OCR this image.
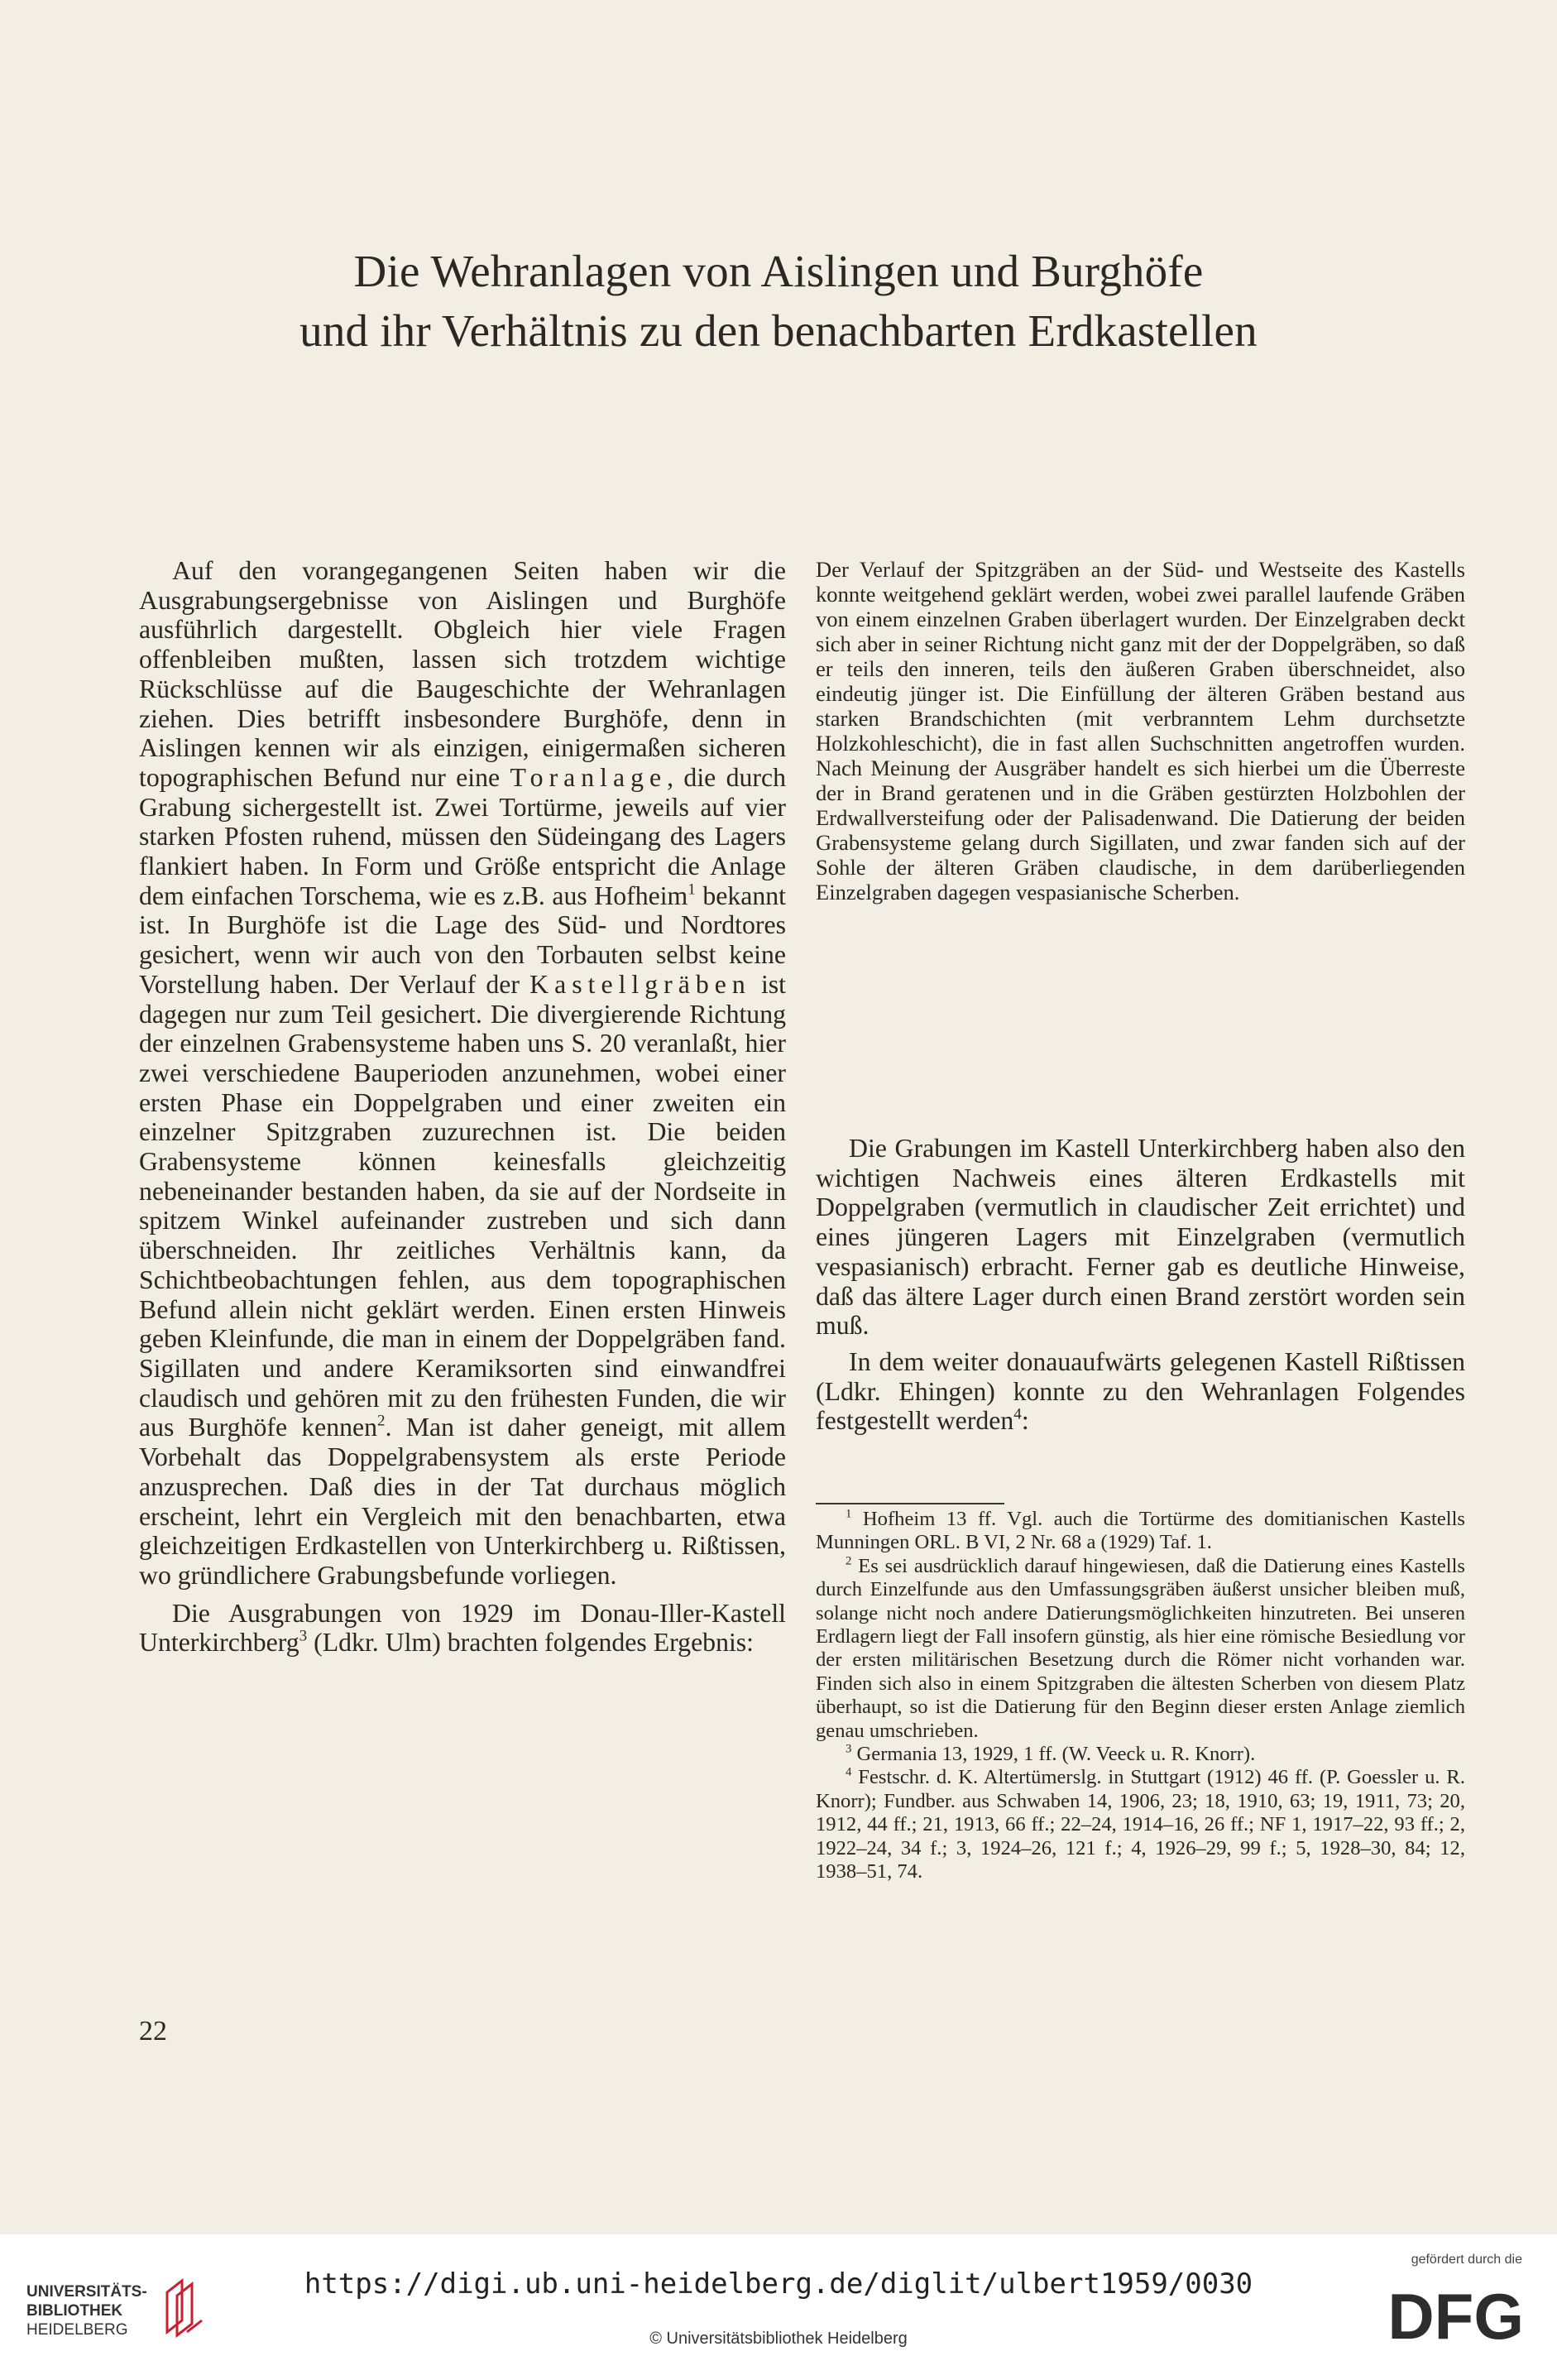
Die Wehranlagen von Aislingen und Burghöfe
und ihr Verhältnis zu den benachbarten Erdkastellen

Auf den vorangegangenen Seiten haben wir die Ausgrabungsergebnisse von Aislingen und Burghöfe ausführlich dargestellt. Obgleich hier viele Fragen offenbleiben mußten, lassen sich trotzdem wichtige Rückschlüsse auf die Baugeschichte der Wehranlagen ziehen. Dies betrifft insbesondere Burghöfe, denn in Aislingen kennen wir als einzigen, einigermaßen sicheren topographischen Befund nur eine Toranlage, die durch Grabung sichergestellt ist. Zwei Tortürme, jeweils auf vier starken Pfosten ruhend, müssen den Südeingang des Lagers flankiert haben. In Form und Größe entspricht die Anlage dem einfachen Torschema, wie es z.B. aus Hofheim$^1$ bekannt ist. In Burghöfe ist die Lage des Süd- und Nordtores gesichert, wenn wir auch von den Torbauten selbst keine Vorstellung haben. Der Verlauf der Kastellgräben ist dagegen nur zum Teil gesichert. Die divergierende Richtung der einzelnen Grabensysteme haben uns S. 20 veranlaßt, hier zwei verschiedene Bauperioden anzunehmen, wobei einer ersten Phase ein Doppelgraben und einer zweiten ein einzelner Spitzgraben zuzurechnen ist. Die beiden Grabensysteme können keinesfalls gleichzeitig nebeneinander bestanden haben, da sie auf der Nordseite in spitzem Winkel aufeinander zustreben und sich dann überschneiden. Ihr zeitliches Verhältnis kann, da Schichtbeobachtungen fehlen, aus dem topographischen Befund allein nicht geklärt werden. Einen ersten Hinweis geben Kleinfunde, die man in einem der Doppelgräben fand. Sigillaten und andere Keramiksorten sind einwandfrei claudisch und gehören mit zu den frühesten Funden, die wir aus Burghöfe kennen$^2$. Man ist daher geneigt, mit allem Vorbehalt das Doppelgrabensystem als erste Periode anzusprechen. Daß dies in der Tat durchaus möglich erscheint, lehrt ein Vergleich mit den benachbarten, etwa gleichzeitigen Erdkastellen von Unterkirchberg u. Rißtissen, wo gründlichere Grabungsbefunde vorliegen.

Die Ausgrabungen von 1929 im Donau-Iller-Kastell Unterkirchberg$^3$ (Ldkr. Ulm) brachten folgendes Ergebnis:

Der Verlauf der Spitzgräben an der Süd- und Westseite des Kastells konnte weitgehend geklärt werden, wobei zwei parallel laufende Gräben von einem einzelnen Graben überlagert wurden. Der Einzelgraben deckt sich aber in seiner Richtung nicht ganz mit der der Doppelgräben, so daß er teils den inneren, teils den äußeren Graben überschneidet, also eindeutig jünger ist. Die Einfüllung der älteren Gräben bestand aus starken Brandschichten (mit verbranntem Lehm durchsetzte Holzkohleschicht), die in fast allen Suchschnitten angetroffen wurden. Nach Meinung der Ausgräber handelt es sich hierbei um die Überreste der in Brand geratenen und in die Gräben gestürzten Holzbohlen der Erdwallversteifung oder der Palisadenwand. Die Datierung der beiden Grabensysteme gelang durch Sigillaten, und zwar fanden sich auf der Sohle der älteren Gräben claudische, in dem darüberliegenden Einzelgraben dagegen vespasianische Scherben.

Die Grabungen im Kastell Unterkirchberg haben also den wichtigen Nachweis eines älteren Erdkastells mit Doppelgraben (vermutlich in claudischer Zeit errichtet) und eines jüngeren Lagers mit Einzelgraben (vermutlich vespasianisch) erbracht. Ferner gab es deutliche Hinweise, daß das ältere Lager durch einen Brand zerstört worden sein muß.

In dem weiter donauaufwärts gelegenen Kastell Rißtissen (Ldkr. Ehingen) konnte zu den Wehranlagen Folgendes festgestellt werden$^4$:

$^1$ Hofheim 13 ff. Vgl. auch die Tortürme des domitianischen Kastells Munningen ORL. B VI, 2 Nr. 68 a (1929) Taf. 1.

$^2$ Es sei ausdrücklich darauf hingewiesen, daß die Datierung eines Kastells durch Einzelfunde aus den Umfassungsgräben äußerst unsicher bleiben muß, solange nicht noch andere Datierungsmöglichkeiten hinzutreten. Bei unseren Erdlagern liegt der Fall insofern günstig, als hier eine römische Besiedlung vor der ersten militärischen Besetzung durch die Römer nicht vorhanden war. Finden sich also in einem Spitzgraben die ältesten Scherben von diesem Platz überhaupt, so ist die Datierung für den Beginn dieser ersten Anlage ziemlich genau umschrieben.

$^3$ Germania 13, 1929, 1 ff. (W. Veeck u. R. Knorr).

$^4$ Festschr. d. K. Altertümerslg. in Stuttgart (1912) 46 ff. (P. Goessler u. R. Knorr); Fundber. aus Schwaben 14, 1906, 23; 18, 1910, 63; 19, 1911, 73; 20, 1912, 44 ff.; 21, 1913, 66 ff.; 22–24, 1914–16, 26 ff.; NF 1, 1917–22, 93 ff.; 2, 1922–24, 34 f.; 3, 1924–26, 121 f.; 4, 1926–29, 99 f.; 5, 1928–30, 84; 12, 1938–51, 74.

22
UNIVERSITÄTS-
BIBLIOTHEK
HEIDELBERG
https://digi.ub.uni-heidelberg.de/diglit/ulbert1959/0030
© Universitätsbibliothek Heidelberg
gefördert durch die
DFG
